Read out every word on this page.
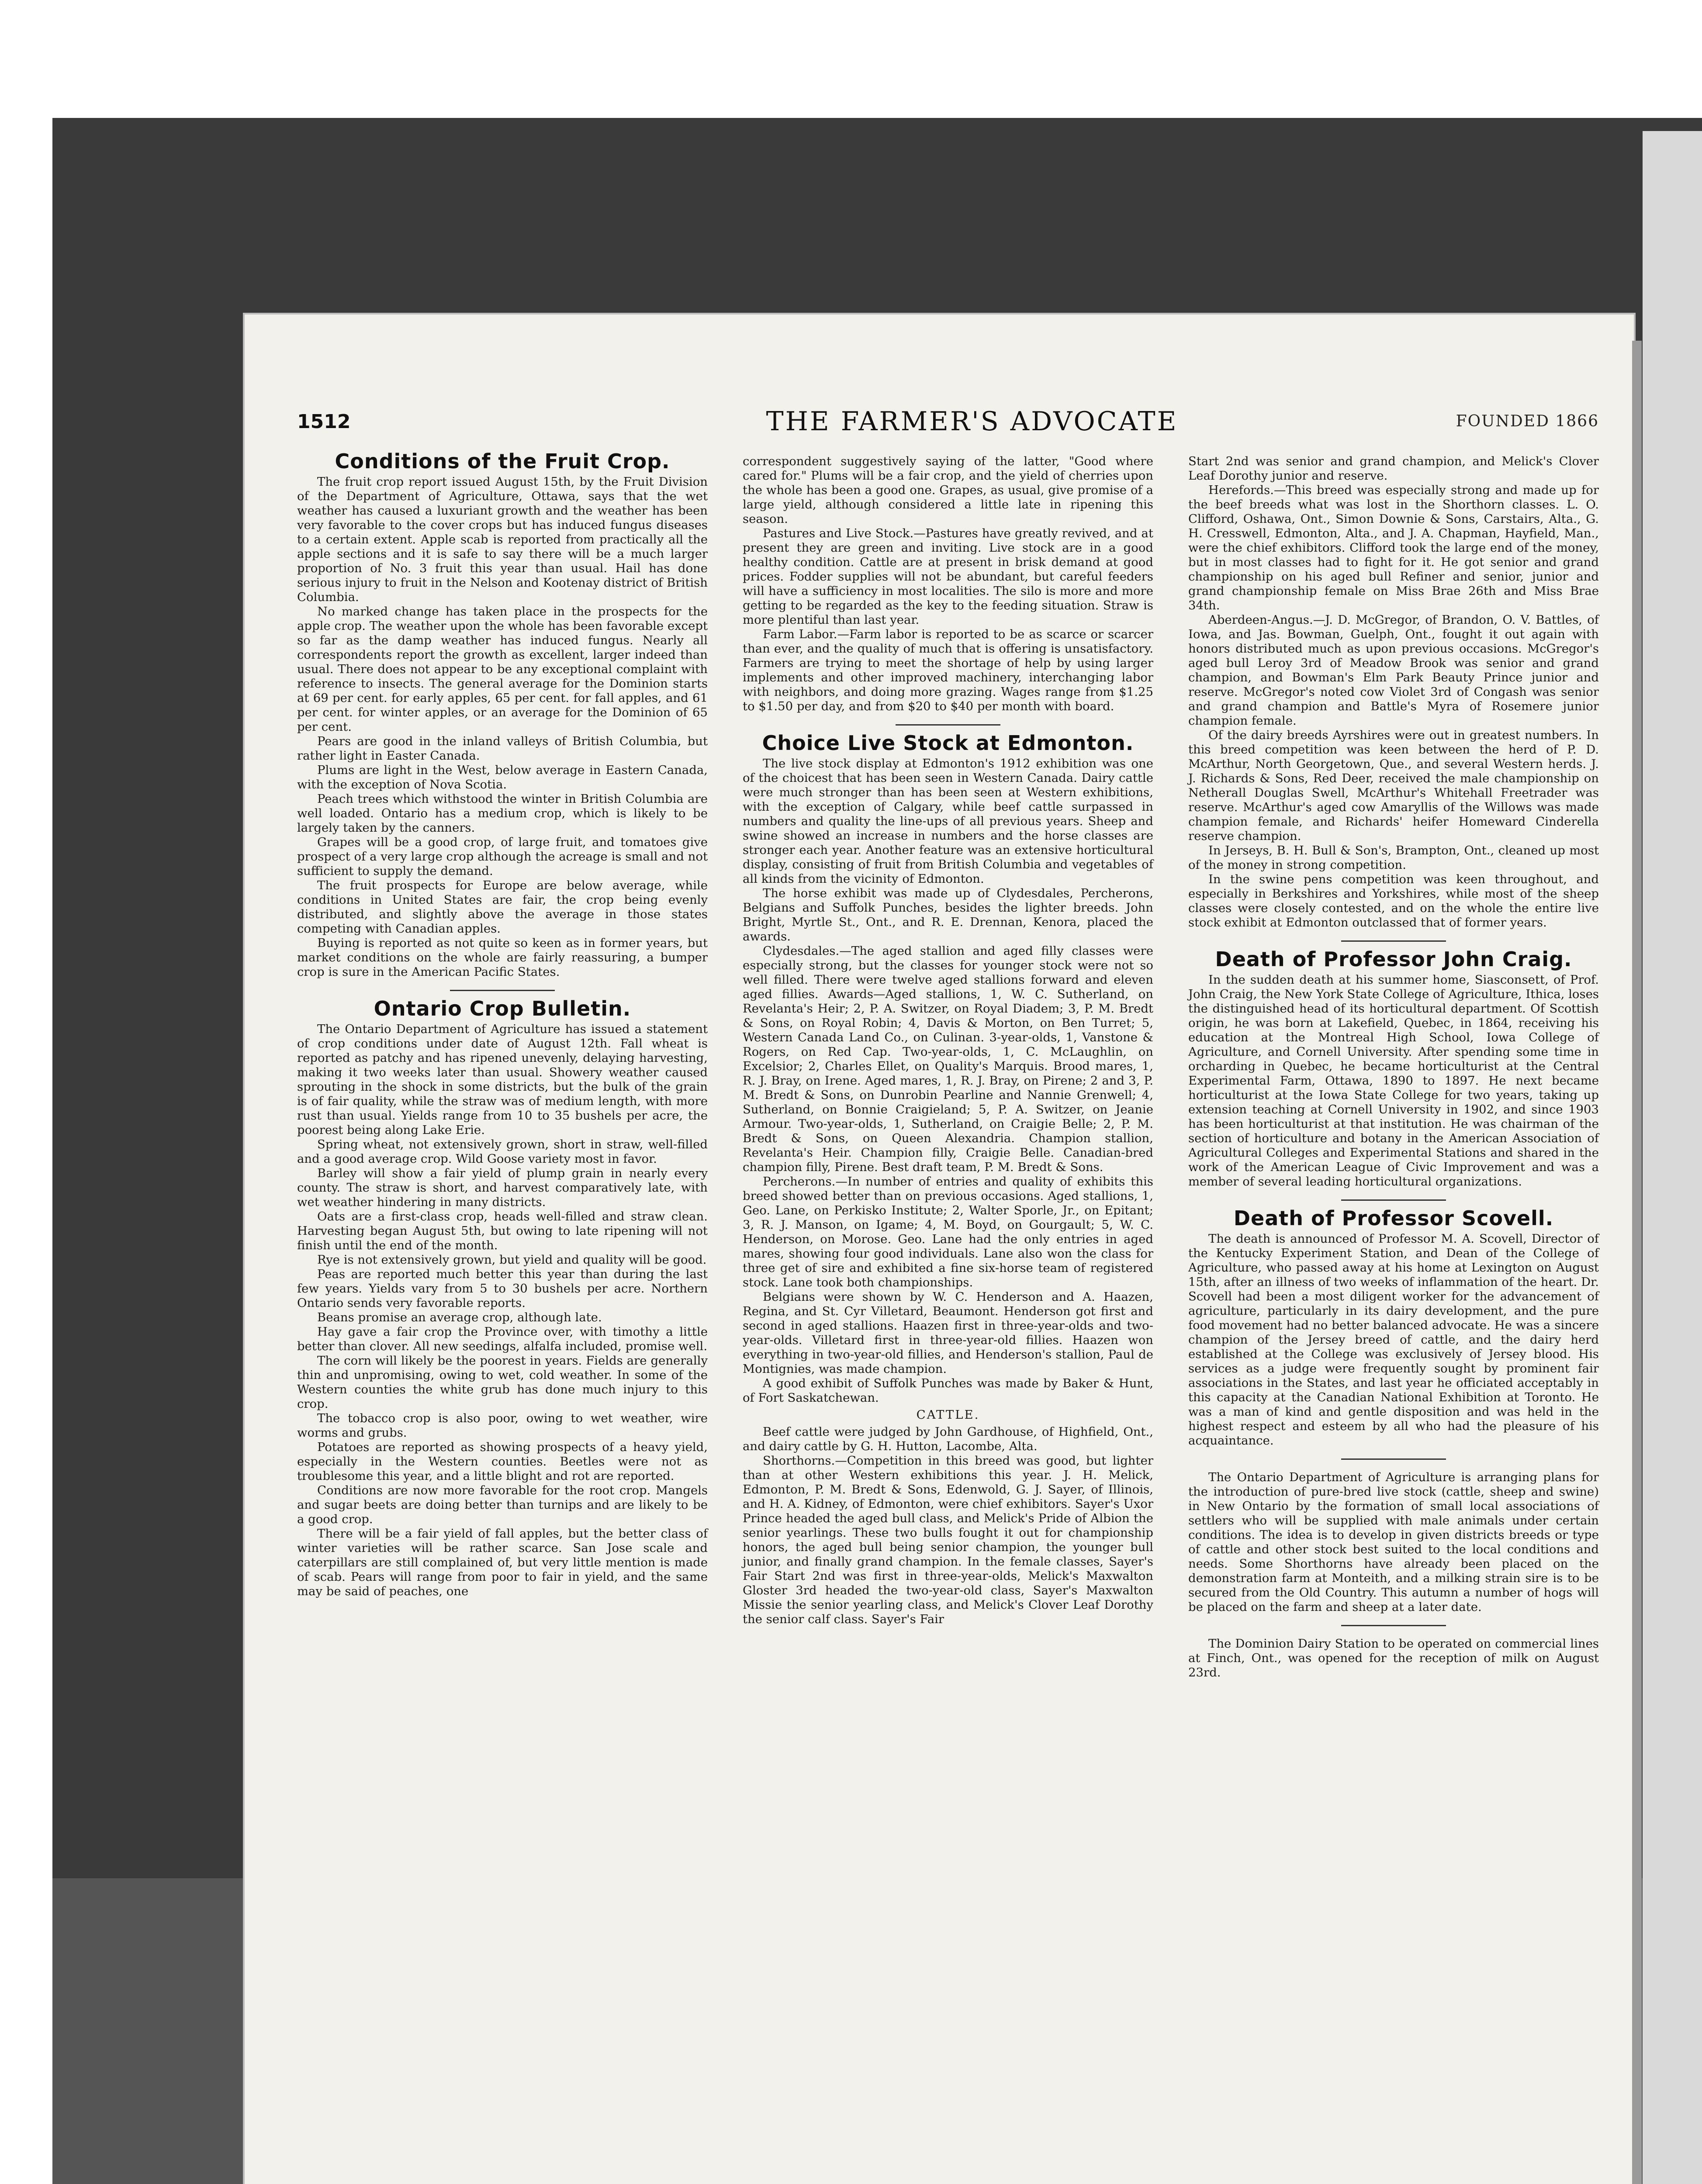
1512	THE FARMER'S ADVOCATE	FOUNDED 1866
Conditions of the Fruit Crop.

The fruit crop report issued August 15th, by the Fruit Division of the Department of Agriculture, Ottawa, says that the wet weather has caused a luxuriant growth and the weather has been very favorable to the cover crops but has induced fungus diseases to a certain extent. Apple scab is reported from practically all the apple sections and it is safe to say there will be a much larger proportion of No. 3 fruit this year than usual. Hail has done serious injury to fruit in the Nelson and Kootenay district of British Columbia.

No marked change has taken place in the prospects for the apple crop. The weather upon the whole has been favorable except so far as the damp weather has induced fungus. Nearly all correspondents report the growth as excellent, larger indeed than usual. There does not appear to be any exceptional complaint with reference to insects. The general average for the Dominion starts at 69 per cent. for early apples, 65 per cent. for fall apples, and 61 per cent. for winter apples, or an average for the Dominion of 65 per cent.

Pears are good in the inland valleys of British Columbia, but rather light in Easter Canada.

Plums are light in the West, below average in Eastern Canada, with the exception of Nova Scotia.

Peach trees which withstood the winter in British Columbia are well loaded. Ontario has a medium crop, which is likely to be largely taken by the canners.

Grapes will be a good crop, of large fruit, and tomatoes give prospect of a very large crop although the acreage is small and not sufficient to supply the demand.

The fruit prospects for Europe are below average, while conditions in United States are fair, the crop being evenly distributed, and slightly above the average in those states competing with Canadian apples.

Buying is reported as not quite so keen as in former years, but market conditions on the whole are fairly reassuring, a bumper crop is sure in the American Pacific States.

Ontario Crop Bulletin.

The Ontario Department of Agriculture has issued a statement of crop conditions under date of August 12th. Fall wheat is reported as patchy and has ripened unevenly, delaying harvesting, making it two weeks later than usual. Showery weather caused sprouting in the shock in some districts, but the bulk of the grain is of fair quality, while the straw was of medium length, with more rust than usual. Yields range from 10 to 35 bushels per acre, the poorest being along Lake Erie.

Spring wheat, not extensively grown, short in straw, well-filled and a good average crop. Wild Goose variety most in favor.

Barley will show a fair yield of plump grain in nearly every county. The straw is short, and harvest comparatively late, with wet weather hindering in many districts.

Oats are a first-class crop, heads well-filled and straw clean. Harvesting began August 5th, but owing to late ripening will not finish until the end of the month.

Rye is not extensively grown, but yield and quality will be good.

Peas are reported much better this year than during the last few years. Yields vary from 5 to 30 bushels per acre. Northern Ontario sends very favorable reports.

Beans promise an average crop, although late.

Hay gave a fair crop the Province over, with timothy a little better than clover. All new seedings, alfalfa included, promise well.

The corn will likely be the poorest in years. Fields are generally thin and unpromising, owing to wet, cold weather. In some of the Western counties the white grub has done much injury to this crop.

The tobacco crop is also poor, owing to wet weather, wire worms and grubs.

Potatoes are reported as showing prospects of a heavy yield, especially in the Western counties. Beetles were not as troublesome this year, and a little blight and rot are reported.

Conditions are now more favorable for the root crop. Mangels and sugar beets are doing better than turnips and are likely to be a good crop.

There will be a fair yield of fall apples, but the better class of winter varieties will be rather scarce. San Jose scale and caterpillars are still complained of, but very little mention is made of scab. Pears will range from poor to fair in yield, and the same may be said of peaches, one

correspondent suggestively saying of the latter, "Good where cared for." Plums will be a fair crop, and the yield of cherries upon the whole has been a good one. Grapes, as usual, give promise of a large yield, although considered a little late in ripening this season.

Pastures and Live Stock.—Pastures have greatly revived, and at present they are green and inviting. Live stock are in a good healthy condition. Cattle are at present in brisk demand at good prices. Fodder supplies will not be abundant, but careful feeders will have a sufficiency in most localities. The silo is more and more getting to be regarded as the key to the feeding situation. Straw is more plentiful than last year.

Farm Labor.—Farm labor is reported to be as scarce or scarcer than ever, and the quality of much that is offering is unsatisfactory. Farmers are trying to meet the shortage of help by using larger implements and other improved machinery, interchanging labor with neighbors, and doing more grazing. Wages range from $1.25 to $1.50 per day, and from $20 to $40 per month with board.

Choice Live Stock at Edmonton.

The live stock display at Edmonton's 1912 exhibition was one of the choicest that has been seen in Western Canada. Dairy cattle were much stronger than has been seen at Western exhibitions, with the exception of Calgary, while beef cattle surpassed in numbers and quality the line-ups of all previous years. Sheep and swine showed an increase in numbers and the horse classes are stronger each year. Another feature was an extensive horticultural display, consisting of fruit from British Columbia and vegetables of all kinds from the vicinity of Edmonton.

The horse exhibit was made up of Clydesdales, Percherons, Belgians and Suffolk Punches, besides the lighter breeds. John Bright, Myrtle St., Ont., and R. E. Drennan, Kenora, placed the awards.

Clydesdales.—The aged stallion and aged filly classes were especially strong, but the classes for younger stock were not so well filled. There were twelve aged stallions forward and eleven aged fillies. Awards—Aged stallions, 1, W. C. Sutherland, on Revelanta's Heir; 2, P. A. Switzer, on Royal Diadem; 3, P. M. Bredt & Sons, on Royal Robin; 4, Davis & Morton, on Ben Turret; 5, Western Canada Land Co., on Culinan. 3-year-olds, 1, Vanstone & Rogers, on Red Cap. Two-year-olds, 1, C. McLaughlin, on Excelsior; 2, Charles Ellet, on Quality's Marquis. Brood mares, 1, R. J. Bray, on Irene. Aged mares, 1, R. J. Bray, on Pirene; 2 and 3, P. M. Bredt & Sons, on Dunrobin Pearline and Nannie Grenwell; 4, Sutherland, on Bonnie Craigieland; 5, P. A. Switzer, on Jeanie Armour. Two-year-olds, 1, Sutherland, on Craigie Belle; 2, P. M. Bredt & Sons, on Queen Alexandria. Champion stallion, Revelanta's Heir. Champion filly, Craigie Belle. Canadian-bred champion filly, Pirene. Best draft team, P. M. Bredt & Sons.

Percherons.—In number of entries and quality of exhibits this breed showed better than on previous occasions. Aged stallions, 1, Geo. Lane, on Perkisko Institute; 2, Walter Sporle, Jr., on Epitant; 3, R. J. Manson, on Igame; 4, M. Boyd, on Gourgault; 5, W. C. Henderson, on Morose. Geo. Lane had the only entries in aged mares, showing four good individuals. Lane also won the class for three get of sire and exhibited a fine six-horse team of registered stock. Lane took both championships.

Belgians were shown by W. C. Henderson and A. Haazen, Regina, and St. Cyr Villetard, Beaumont. Henderson got first and second in aged stallions. Haazen first in three-year-olds and two-year-olds. Villetard first in three-year-old fillies. Haazen won everything in two-year-old fillies, and Henderson's stallion, Paul de Montignies, was made champion.

A good exhibit of Suffolk Punches was made by Baker & Hunt, of Fort Saskatchewan.

CATTLE.

Beef cattle were judged by John Gardhouse, of Highfield, Ont., and dairy cattle by G. H. Hutton, Lacombe, Alta.

Shorthorns.—Competition in this breed was good, but lighter than at other Western exhibitions this year. J. H. Melick, Edmonton, P. M. Bredt & Sons, Edenwold, G. J. Sayer, of Illinois, and H. A. Kidney, of Edmonton, were chief exhibitors. Sayer's Uxor Prince headed the aged bull class, and Melick's Pride of Albion the senior yearlings. These two bulls fought it out for championship honors, the aged bull being senior champion, the younger bull junior, and finally grand champion. In the female classes, Sayer's Fair Start 2nd was first in three-year-olds, Melick's Maxwalton Gloster 3rd headed the two-year-old class, Sayer's Maxwalton Missie the senior yearling class, and Melick's Clover Leaf Dorothy the senior calf class. Sayer's Fair

Start 2nd was senior and grand champion, and Melick's Clover Leaf Dorothy junior and reserve.

Herefords.—This breed was especially strong and made up for the beef breeds what was lost in the Shorthorn classes. L. O. Clifford, Oshawa, Ont., Simon Downie & Sons, Carstairs, Alta., G. H. Cresswell, Edmonton, Alta., and J. A. Chapman, Hayfield, Man., were the chief exhibitors. Clifford took the large end of the money, but in most classes had to fight for it. He got senior and grand championship on his aged bull Refiner and senior, junior and grand championship female on Miss Brae 26th and Miss Brae 34th.

Aberdeen-Angus.—J. D. McGregor, of Brandon, O. V. Battles, of Iowa, and Jas. Bowman, Guelph, Ont., fought it out again with honors distributed much as upon previous occasions. McGregor's aged bull Leroy 3rd of Meadow Brook was senior and grand champion, and Bowman's Elm Park Beauty Prince junior and reserve. McGregor's noted cow Violet 3rd of Congash was senior and grand champion and Battle's Myra of Rosemere junior champion female.

Of the dairy breeds Ayrshires were out in greatest numbers. In this breed competition was keen between the herd of P. D. McArthur, North Georgetown, Que., and several Western herds. J. J. Richards & Sons, Red Deer, received the male championship on Netherall Douglas Swell, McArthur's Whitehall Freetrader was reserve. McArthur's aged cow Amaryllis of the Willows was made champion female, and Richards' heifer Homeward Cinderella reserve champion.

In Jerseys, B. H. Bull & Son's, Brampton, Ont., cleaned up most of the money in strong competition.

In the swine pens competition was keen throughout, and especially in Berkshires and Yorkshires, while most of the sheep classes were closely contested, and on the whole the entire live stock exhibit at Edmonton outclassed that of former years.

Death of Professor John Craig.

In the sudden death at his summer home, Siasconsett, of Prof. John Craig, the New York State College of Agriculture, Ithica, loses the distinguished head of its horticultural department. Of Scottish origin, he was born at Lakefield, Quebec, in 1864, receiving his education at the Montreal High School, Iowa College of Agriculture, and Cornell University. After spending some time in orcharding in Quebec, he became horticulturist at the Central Experimental Farm, Ottawa, 1890 to 1897. He next became horticulturist at the Iowa State College for two years, taking up extension teaching at Cornell University in 1902, and since 1903 has been horticulturist at that institution. He was chairman of the section of horticulture and botany in the American Association of Agricultural Colleges and Experimental Stations and shared in the work of the American League of Civic Improvement and was a member of several leading horticultural organizations.

Death of Professor Scovell.

The death is announced of Professor M. A. Scovell, Director of the Kentucky Experiment Station, and Dean of the College of Agriculture, who passed away at his home at Lexington on August 15th, after an illness of two weeks of inflammation of the heart. Dr. Scovell had been a most diligent worker for the advancement of agriculture, particularly in its dairy development, and the pure food movement had no better balanced advocate. He was a sincere champion of the Jersey breed of cattle, and the dairy herd established at the College was exclusively of Jersey blood. His services as a judge were frequently sought by prominent fair associations in the States, and last year he officiated acceptably in this capacity at the Canadian National Exhibition at Toronto. He was a man of kind and gentle disposition and was held in the highest respect and esteem by all who had the pleasure of his acquaintance.

The Ontario Department of Agriculture is arranging plans for the introduction of pure-bred live stock (cattle, sheep and swine) in New Ontario by the formation of small local associations of settlers who will be supplied with male animals under certain conditions. The idea is to develop in given districts breeds or type of cattle and other stock best suited to the local conditions and needs. Some Shorthorns have already been placed on the demonstration farm at Monteith, and a milking strain sire is to be secured from the Old Country. This autumn a number of hogs will be placed on the farm and sheep at a later date.

The Dominion Dairy Station to be operated on commercial lines at Finch, Ont., was opened for the reception of milk on August 23rd.
